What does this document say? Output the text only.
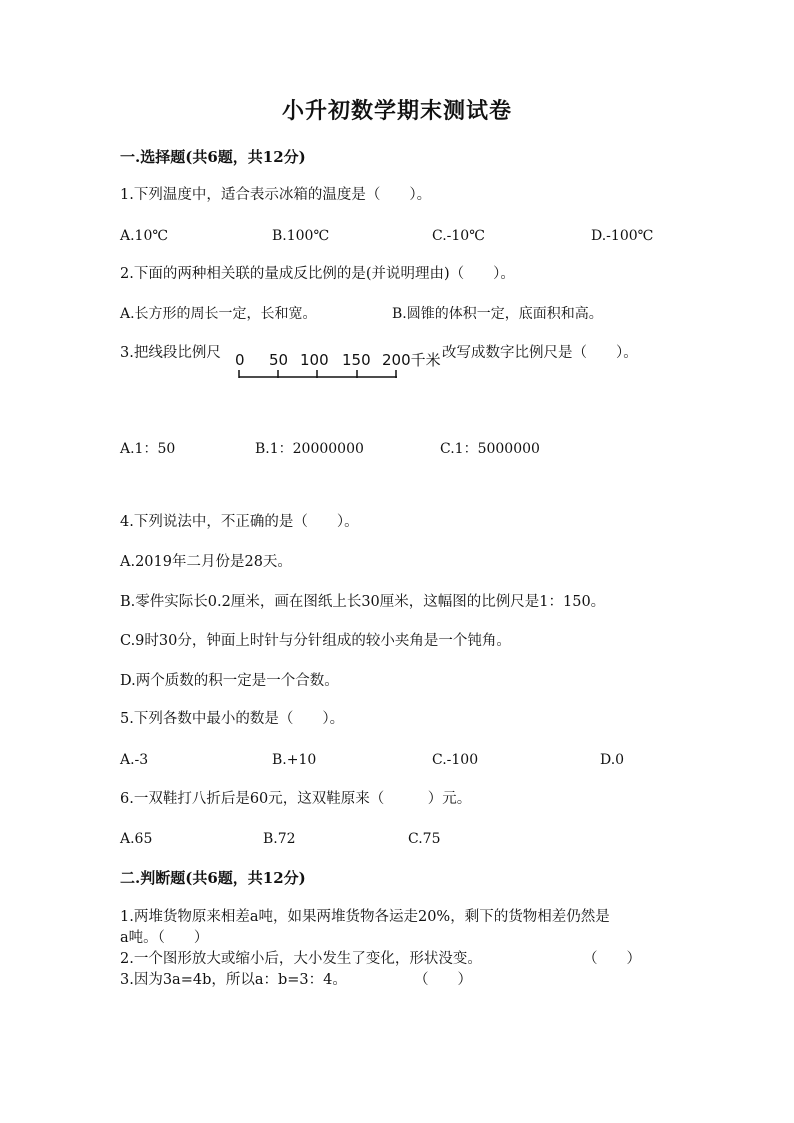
小升初数学期末测试卷
一.选择题(共6题，共12分)
1.下列温度中，适合表示冰箱的温度是（　　）。
A.10℃	B.100℃	C.-10℃	D.-100℃
2.下面的两种相关联的量成反比例的是(并说明理由)（　　）。
A.长方形的周长一定，长和宽。	B.圆锥的体积一定，底面积和高。
3.把线段比例尺 0 50 100 150 200千米 改写成数字比例尺是（　　）。
A.1：50	B.1：20000000	C.1：5000000
4.下列说法中，不正确的是（　　）。
A.2019年二月份是28天。
B.零件实际长0.2厘米，画在图纸上长30厘米，这幅图的比例尺是1：150。
C.9时30分，钟面上时针与分针组成的较小夹角是一个钝角。
D.两个质数的积一定是一个合数。
5.下列各数中最小的数是（　　）。
A.-3	B.+10	C.-100	D.0
6.一双鞋打八折后是60元，这双鞋原来（　　　）元。
A.65	B.72	C.75
二.判断题(共6题，共12分)
1.两堆货物原来相差a吨，如果两堆货物各运走20%，剩下的货物相差仍然是
a吨。（　　）
2.一个图形放大或缩小后，大小发生了变化，形状没变。	（　　）
3.因为3a=4b，所以a：b=3：4。	（　　）
